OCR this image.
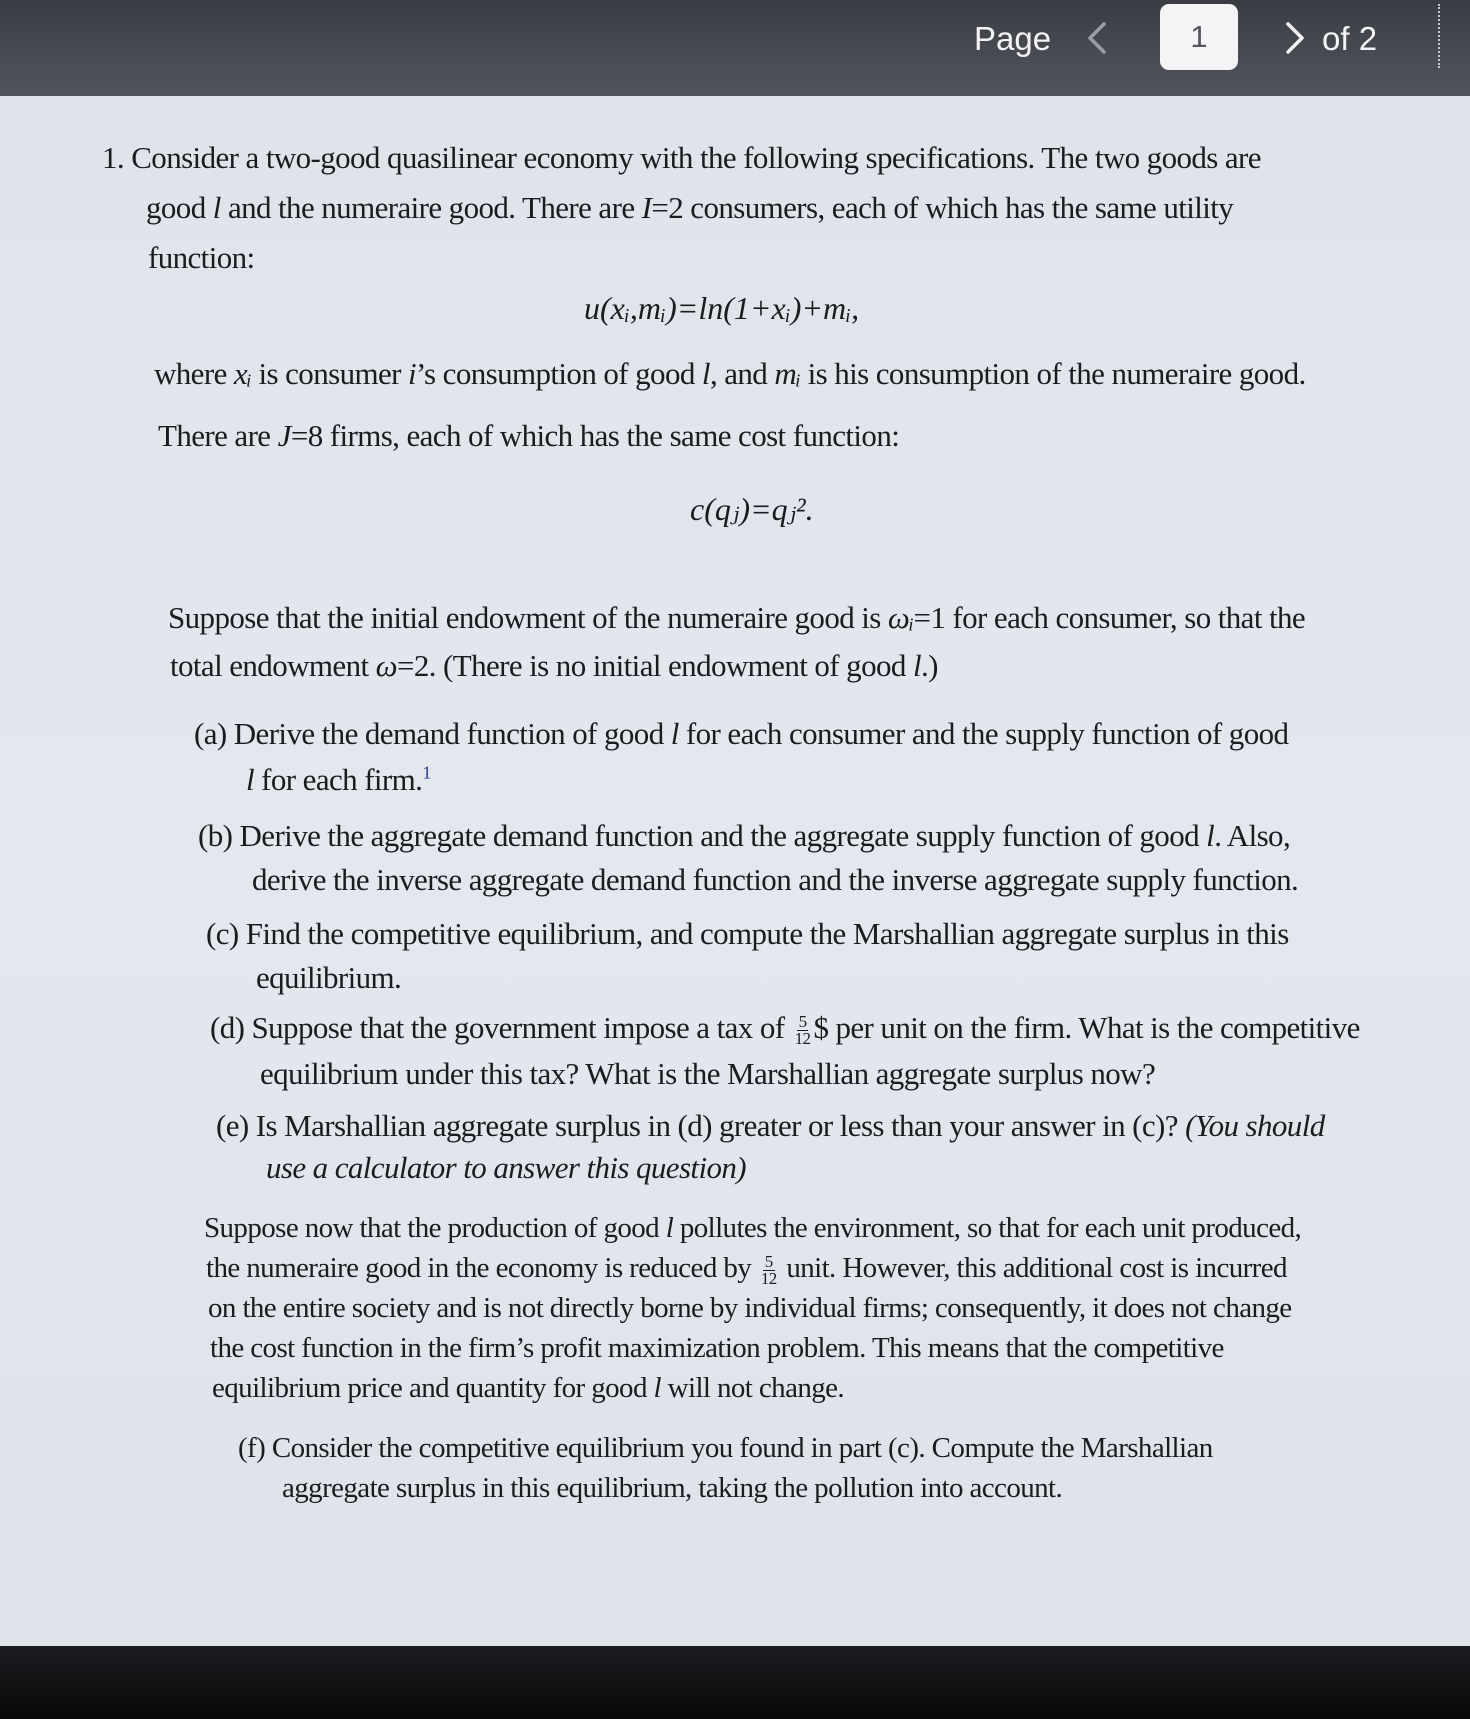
Page	1	of 2
1. Consider a two-good quasilinear economy with the following specifications. The two goods are
good l and the numeraire good. There are I=2 consumers, each of which has the same utility
function:
u(xᵢ,mᵢ)=ln(1+xᵢ)+mᵢ,
where xᵢ is consumer i’s consumption of good l, and mᵢ is his consumption of the numeraire good.
There are J=8 firms, each of which has the same cost function:
c(qⱼ)=qⱼ².
Suppose that the initial endowment of the numeraire good is ωᵢ=1 for each consumer, so that the
total endowment ω=2. (There is no initial endowment of good l.)
(a) Derive the demand function of good l for each consumer and the supply function of good
l for each firm.$^1$
(b) Derive the aggregate demand function and the aggregate supply function of good l. Also,
derive the inverse aggregate demand function and the inverse aggregate supply function.
(c) Find the competitive equilibrium, and compute the Marshallian aggregate surplus in this
equilibrium.
(d) Suppose that the government impose a tax of $\frac{5}{12}$ $ per unit on the firm. What is the competitive
equilibrium under this tax? What is the Marshallian aggregate surplus now?
(e) Is Marshallian aggregate surplus in (d) greater or less than your answer in (c)? (You should
use a calculator to answer this question)
Suppose now that the production of good l pollutes the environment, so that for each unit produced,
the numeraire good in the economy is reduced by $\frac{5}{12}$ unit. However, this additional cost is incurred
on the entire society and is not directly borne by individual firms; consequently, it does not change
the cost function in the firm’s profit maximization problem. This means that the competitive
equilibrium price and quantity for good l will not change.
(f) Consider the competitive equilibrium you found in part (c). Compute the Marshallian
aggregate surplus in this equilibrium, taking the pollution into account.
